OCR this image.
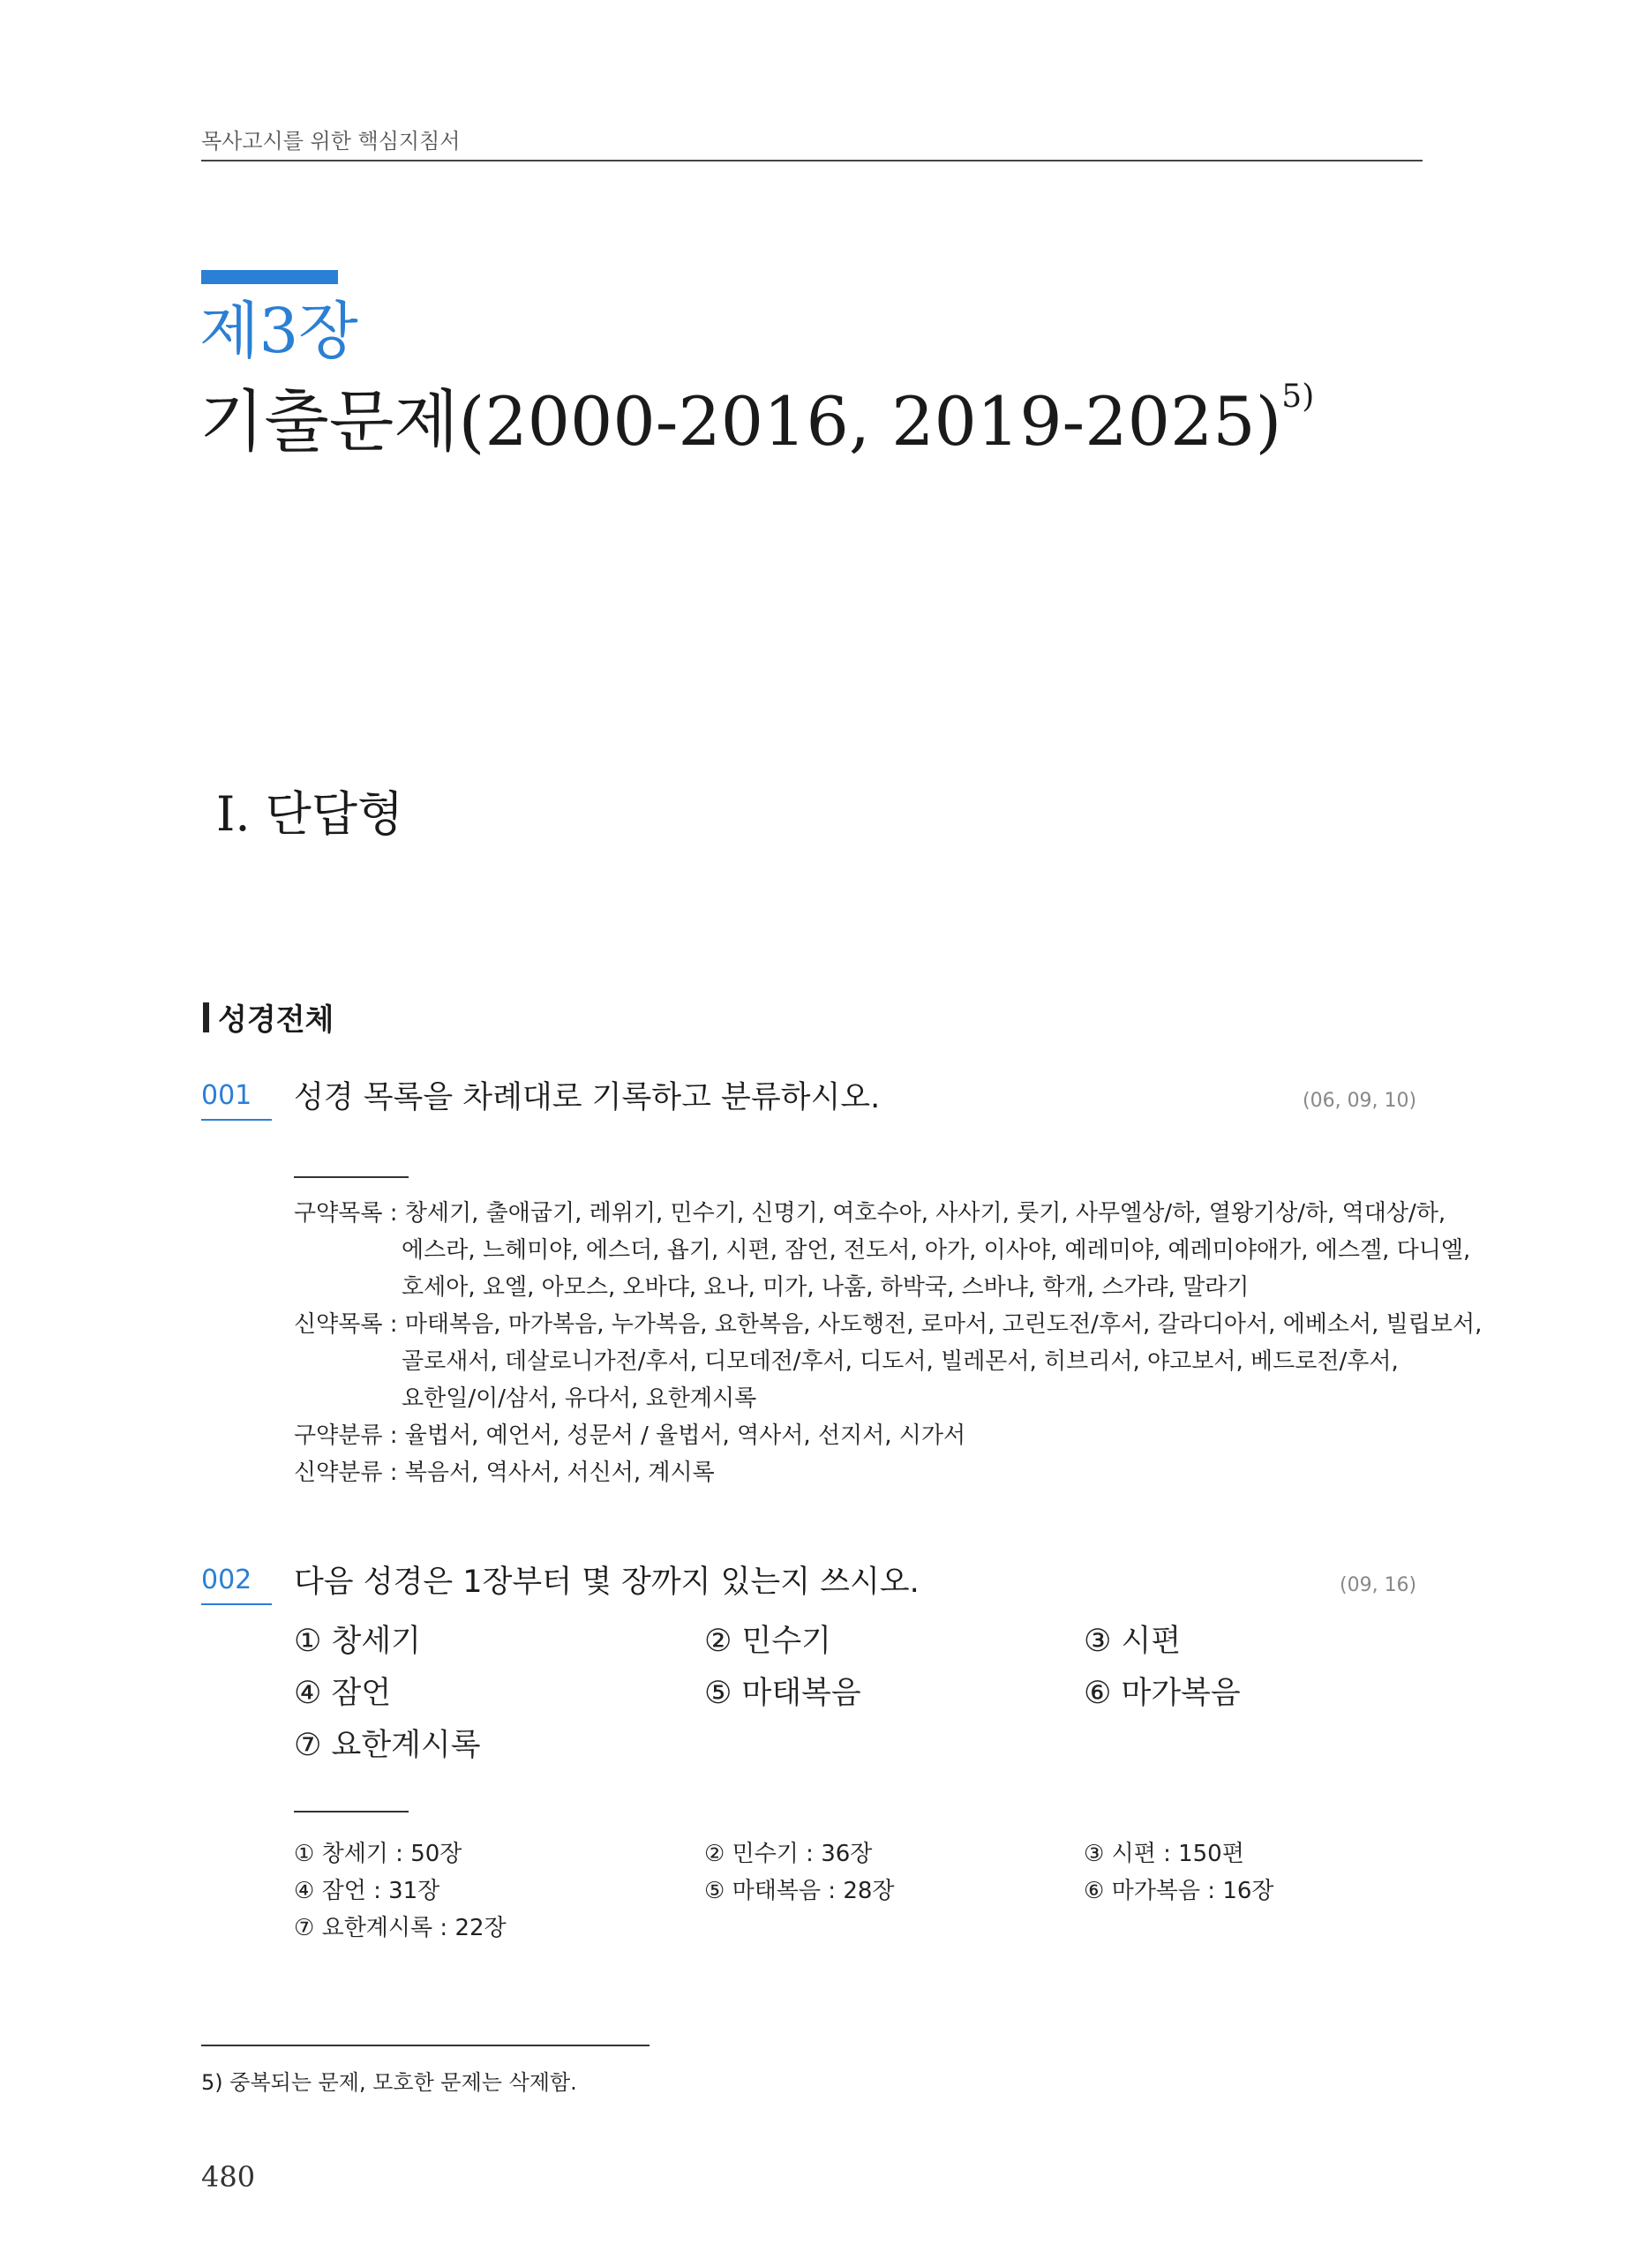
목사고시를 위한 핵심지침서
제3장
기출문제(2000-2016, 2019-2025)$^{5)}$
Ⅰ. 단답형
성경전체
001 성경 목록을 차례대로 기록하고 분류하시오.	(06, 09, 10)
구약목록 : 창세기, 출애굽기, 레위기, 민수기, 신명기, 여호수아, 사사기, 룻기, 사무엘상/하, 열왕기상/하, 역대상/하,
에스라, 느헤미야, 에스더, 욥기, 시편, 잠언, 전도서, 아가, 이사야, 예레미야, 예레미야애가, 에스겔, 다니엘,
호세아, 요엘, 아모스, 오바댜, 요나, 미가, 나훔, 하박국, 스바냐, 학개, 스가랴, 말라기
신약목록 : 마태복음, 마가복음, 누가복음, 요한복음, 사도행전, 로마서, 고린도전/후서, 갈라디아서, 에베소서, 빌립보서,
골로새서, 데살로니가전/후서, 디모데전/후서, 디도서, 빌레몬서, 히브리서, 야고보서, 베드로전/후서,
요한일/이/삼서, 유다서, 요한계시록
구약분류 : 율법서, 예언서, 성문서 / 율법서, 역사서, 선지서, 시가서
신약분류 : 복음서, 역사서, 서신서, 계시록
002 다음 성경은 1장부터 몇 장까지 있는지 쓰시오.	(09, 16)
① 창세기	② 민수기	③ 시편
④ 잠언	⑤ 마태복음	⑥ 마가복음
⑦ 요한계시록
① 창세기 : 50장	② 민수기 : 36장	③ 시편 : 150편
④ 잠언 : 31장	⑤ 마태복음 : 28장	⑥ 마가복음 : 16장
⑦ 요한계시록 : 22장
5) 중복되는 문제, 모호한 문제는 삭제함.
480
